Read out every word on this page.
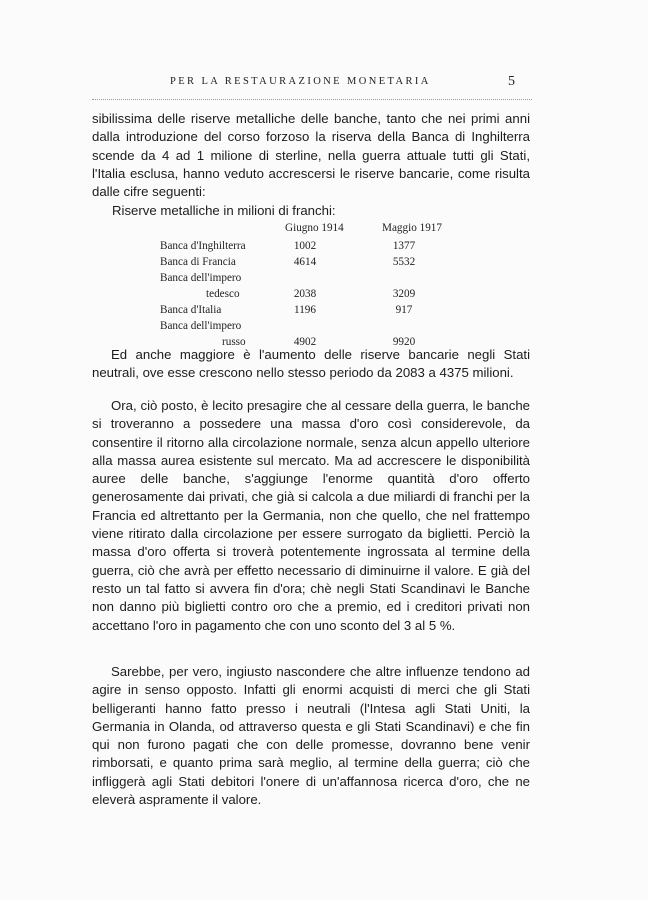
PER LA RESTAURAZIONE MONETARIA	5

sibilissima delle riserve metalliche delle banche, tanto che nei primi anni dalla introduzione del corso forzoso la riserva della Banca di Inghilterra scende da 4 ad 1 milione di sterline, nella guerra attuale tutti gli Stati, l'Italia esclusa, hanno veduto accrescersi le riserve bancarie, come risulta dalle cifre seguenti:

Riserve metalliche in milioni di franchi:

Giugno 1914	Maggio 1917
Banca d'Inghilterra	1002	1377
Banca di Francia	4614	5532
Banca dell'impero
tedesco	2038	3209
Banca d'Italia	1196	917
Banca dell'impero
russo	4902	9920

Ed anche maggiore è l'aumento delle riserve bancarie negli Stati neutrali, ove esse crescono nello stesso periodo da 2083 a 4375 milioni.

Ora, ciò posto, è lecito presagire che al cessare della guerra, le banche si troveranno a possedere una massa d'oro così considerevole, da consentire il ritorno alla circolazione normale, senza alcun appello ulteriore alla massa aurea esistente sul mercato. Ma ad accrescere le disponibilità auree delle banche, s'aggiunge l'enorme quantità d'oro offerto generosamente dai privati, che già si calcola a due miliardi di franchi per la Francia ed altrettanto per la Germania, non che quello, che nel frattempo viene ritirato dalla circolazione per essere surrogato da biglietti. Perciò la massa d'oro offerta si troverà potentemente ingrossata al termine della guerra, ciò che avrà per effetto necessario di diminuirne il valore. E già del resto un tal fatto si avvera fin d'ora; chè negli Stati Scandinavi le Banche non danno più biglietti contro oro che a premio, ed i creditori privati non accettano l'oro in pagamento che con uno sconto del 3 al 5 %.

Sarebbe, per vero, ingiusto nascondere che altre influenze tendono ad agire in senso opposto. Infatti gli enormi acquisti di merci che gli Stati belligeranti hanno fatto presso i neutrali (l'Intesa agli Stati Uniti, la Germania in Olanda, od attraverso questa e gli Stati Scandinavi) e che fin qui non furono pagati che con delle promesse, dovranno bene venir rimborsati, e quanto prima sarà meglio, al termine della guerra; ciò che infliggerà agli Stati debitori l'onere di un'affannosa ricerca d'oro, che ne eleverà aspramente il valore.
